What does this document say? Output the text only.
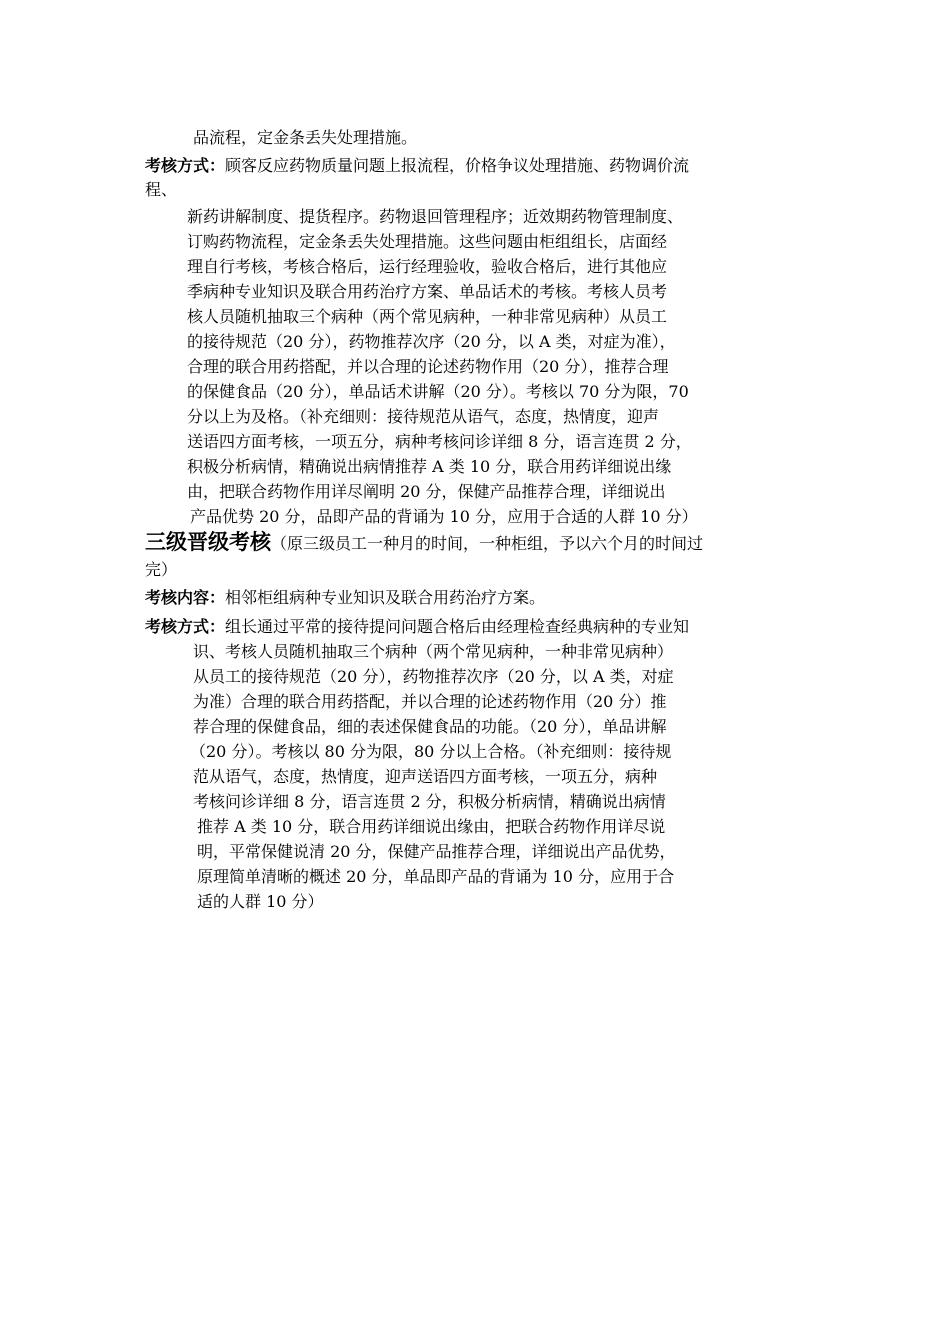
品流程，定金条丢失处理措施。
考核方式：顾客反应药物质量问题上报流程，价格争议处理措施、药物调价流
程、
新药讲解制度、提货程序。药物退回管理程序；近效期药物管理制度、
订购药物流程，定金条丢失处理措施。这些问题由柜组组长，店面经
理自行考核，考核合格后，运行经理验收，验收合格后，进行其他应
季病种专业知识及联合用药治疗方案、单品话术的考核。考核人员考
核人员随机抽取三个病种（两个常见病种，一种非常见病种）从员工
的接待规范（20 分），药物推荐次序（20 分，以 A 类，对症为准），
合理的联合用药搭配，并以合理的论述药物作用（20 分），推荐合理
的保健食品（20 分），单品话术讲解（20 分）。考核以 70 分为限，70
分以上为及格。（补充细则：接待规范从语气，态度，热情度，迎声
送语四方面考核，一项五分，病种考核问诊详细 8 分，语言连贯 2 分，
积极分析病情，精确说出病情推荐 A 类 10 分，联合用药详细说出缘
由，把联合药物作用详尽阐明 20 分，保健产品推荐合理，详细说出
产品优势 20 分，品即产品的背诵为 10 分，应用于合适的人群 10 分）
三级晋级考核（原三级员工一种月的时间，一种柜组，予以六个月的时间过
完）
考核内容：相邻柜组病种专业知识及联合用药治疗方案。
考核方式：组长通过平常的接待提问问题合格后由经理检查经典病种的专业知
识、考核人员随机抽取三个病种（两个常见病种，一种非常见病种）
从员工的接待规范（20 分），药物推荐次序（20 分，以 A 类，对症
为准）合理的联合用药搭配，并以合理的论述药物作用（20 分）推
荐合理的保健食品，细的表述保健食品的功能。（20 分），单品讲解
（20 分）。考核以 80 分为限，80 分以上合格。（补充细则：接待规
范从语气，态度，热情度，迎声送语四方面考核，一项五分，病种
考核问诊详细 8 分，语言连贯 2 分，积极分析病情，精确说出病情
推荐 A 类 10 分，联合用药详细说出缘由，把联合药物作用详尽说
明，平常保健说清 20 分，保健产品推荐合理，详细说出产品优势，
原理简单清晰的概述 20 分，单品即产品的背诵为 10 分，应用于合
适的人群 10 分）
